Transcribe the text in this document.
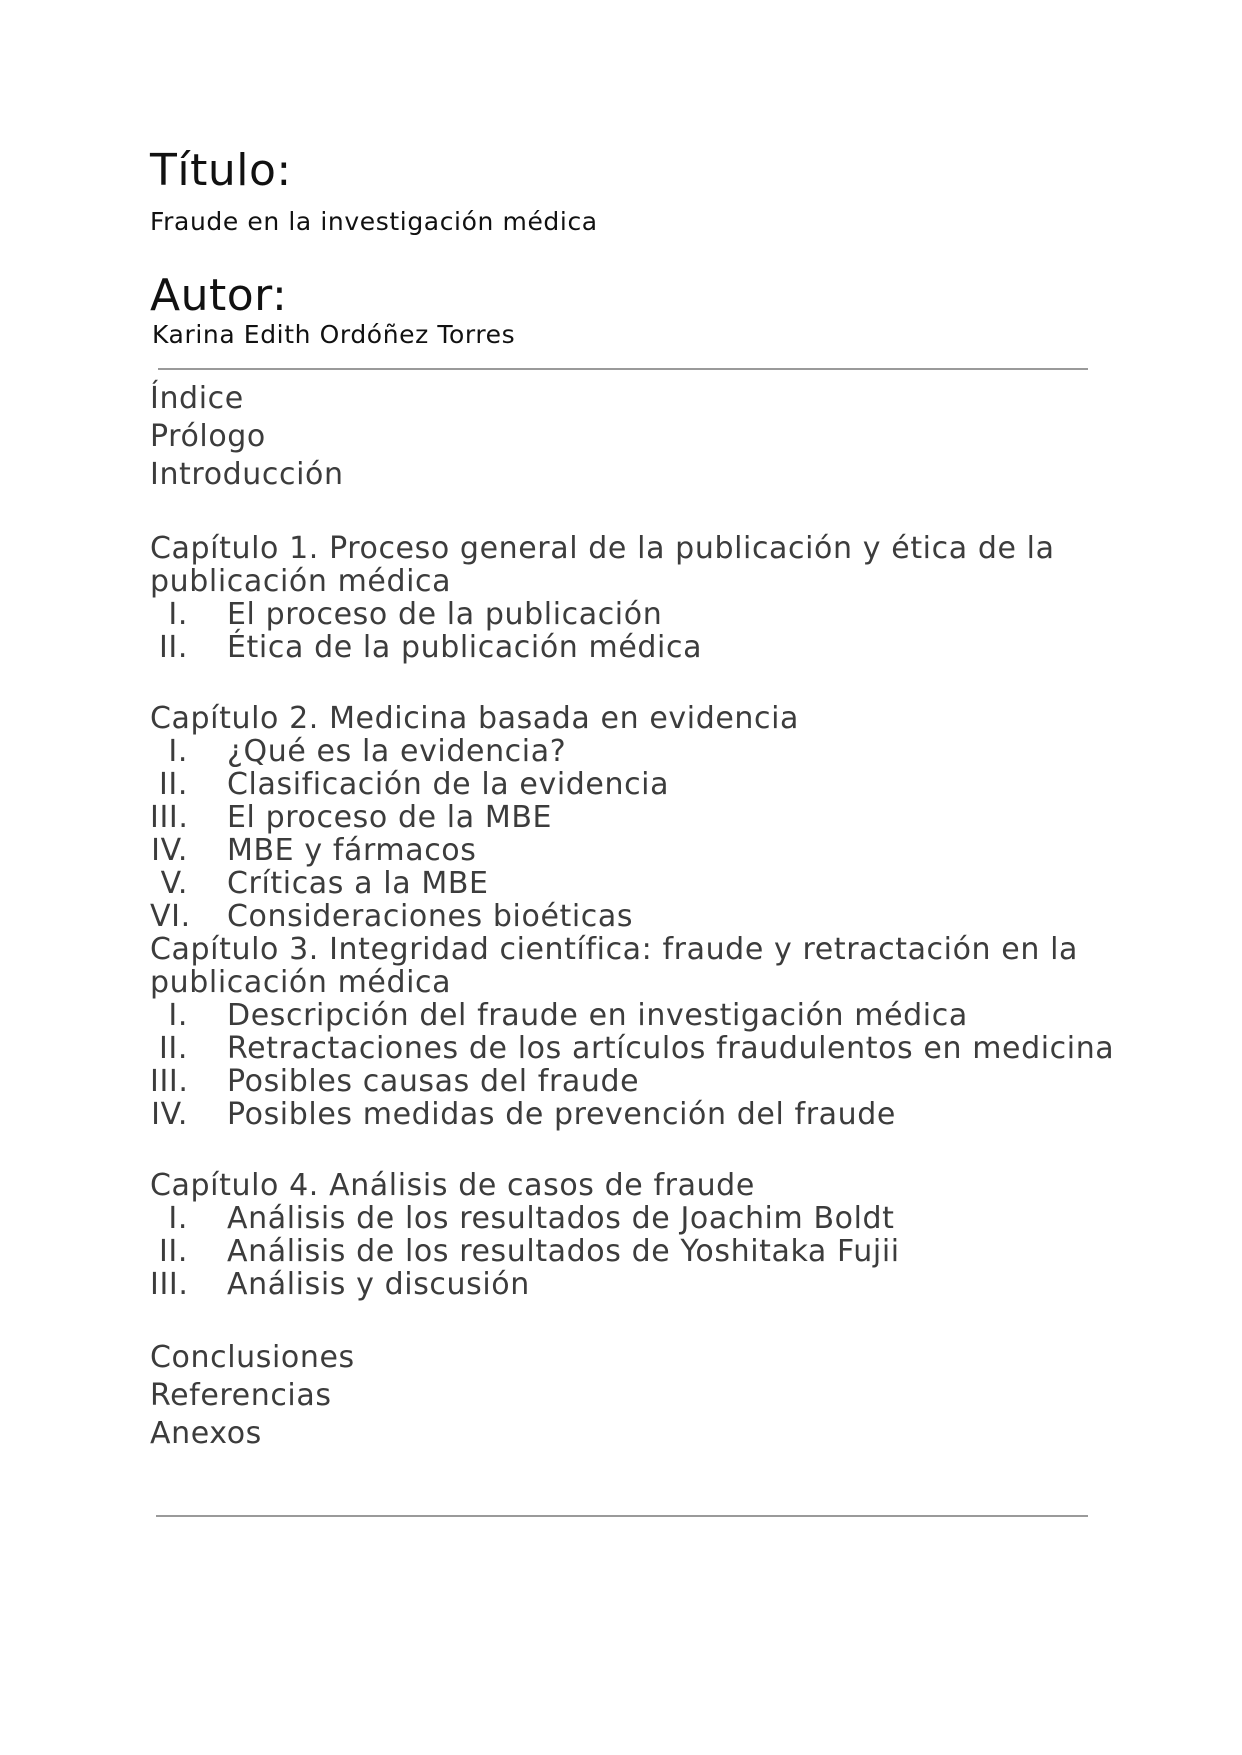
Título:
Fraude en la investigación médica
Autor:
Karina Edith Ordóñez Torres
Índice
Prólogo
Introducción
Capítulo 1. Proceso general de la publicación y ética de la publicación médica
I. El proceso de la publicación
II. Ética de la publicación médica
Capítulo 2. Medicina basada en evidencia
I. ¿Qué es la evidencia?
II. Clasificación de la evidencia
III. El proceso de la MBE
IV. MBE y fármacos
V. Críticas a la MBE
VI. Consideraciones bioéticas
Capítulo 3. Integridad científica: fraude y retractación en la publicación médica
I. Descripción del fraude en investigación médica
II. Retractaciones de los artículos fraudulentos en medicina
III. Posibles causas del fraude
IV. Posibles medidas de prevención del fraude
Capítulo 4. Análisis de casos de fraude
I. Análisis de los resultados de Joachim Boldt
II. Análisis de los resultados de Yoshitaka Fujii
III. Análisis y discusión
Conclusiones
Referencias
Anexos
